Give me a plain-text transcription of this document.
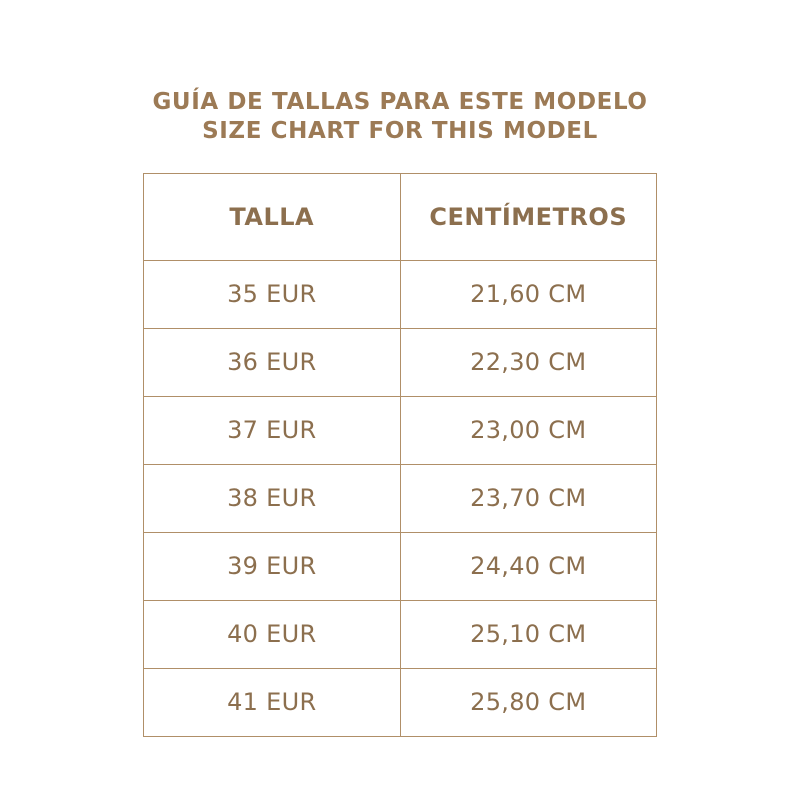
GUÍA DE TALLAS PARA ESTE MODELO
SIZE CHART FOR THIS MODEL
TALLA	CENTÍMETROS
35 EUR	21,60 CM
36 EUR	22,30 CM
37 EUR	23,00 CM
38 EUR	23,70 CM
39 EUR	24,40 CM
40 EUR	25,10 CM
41 EUR	25,80 CM
